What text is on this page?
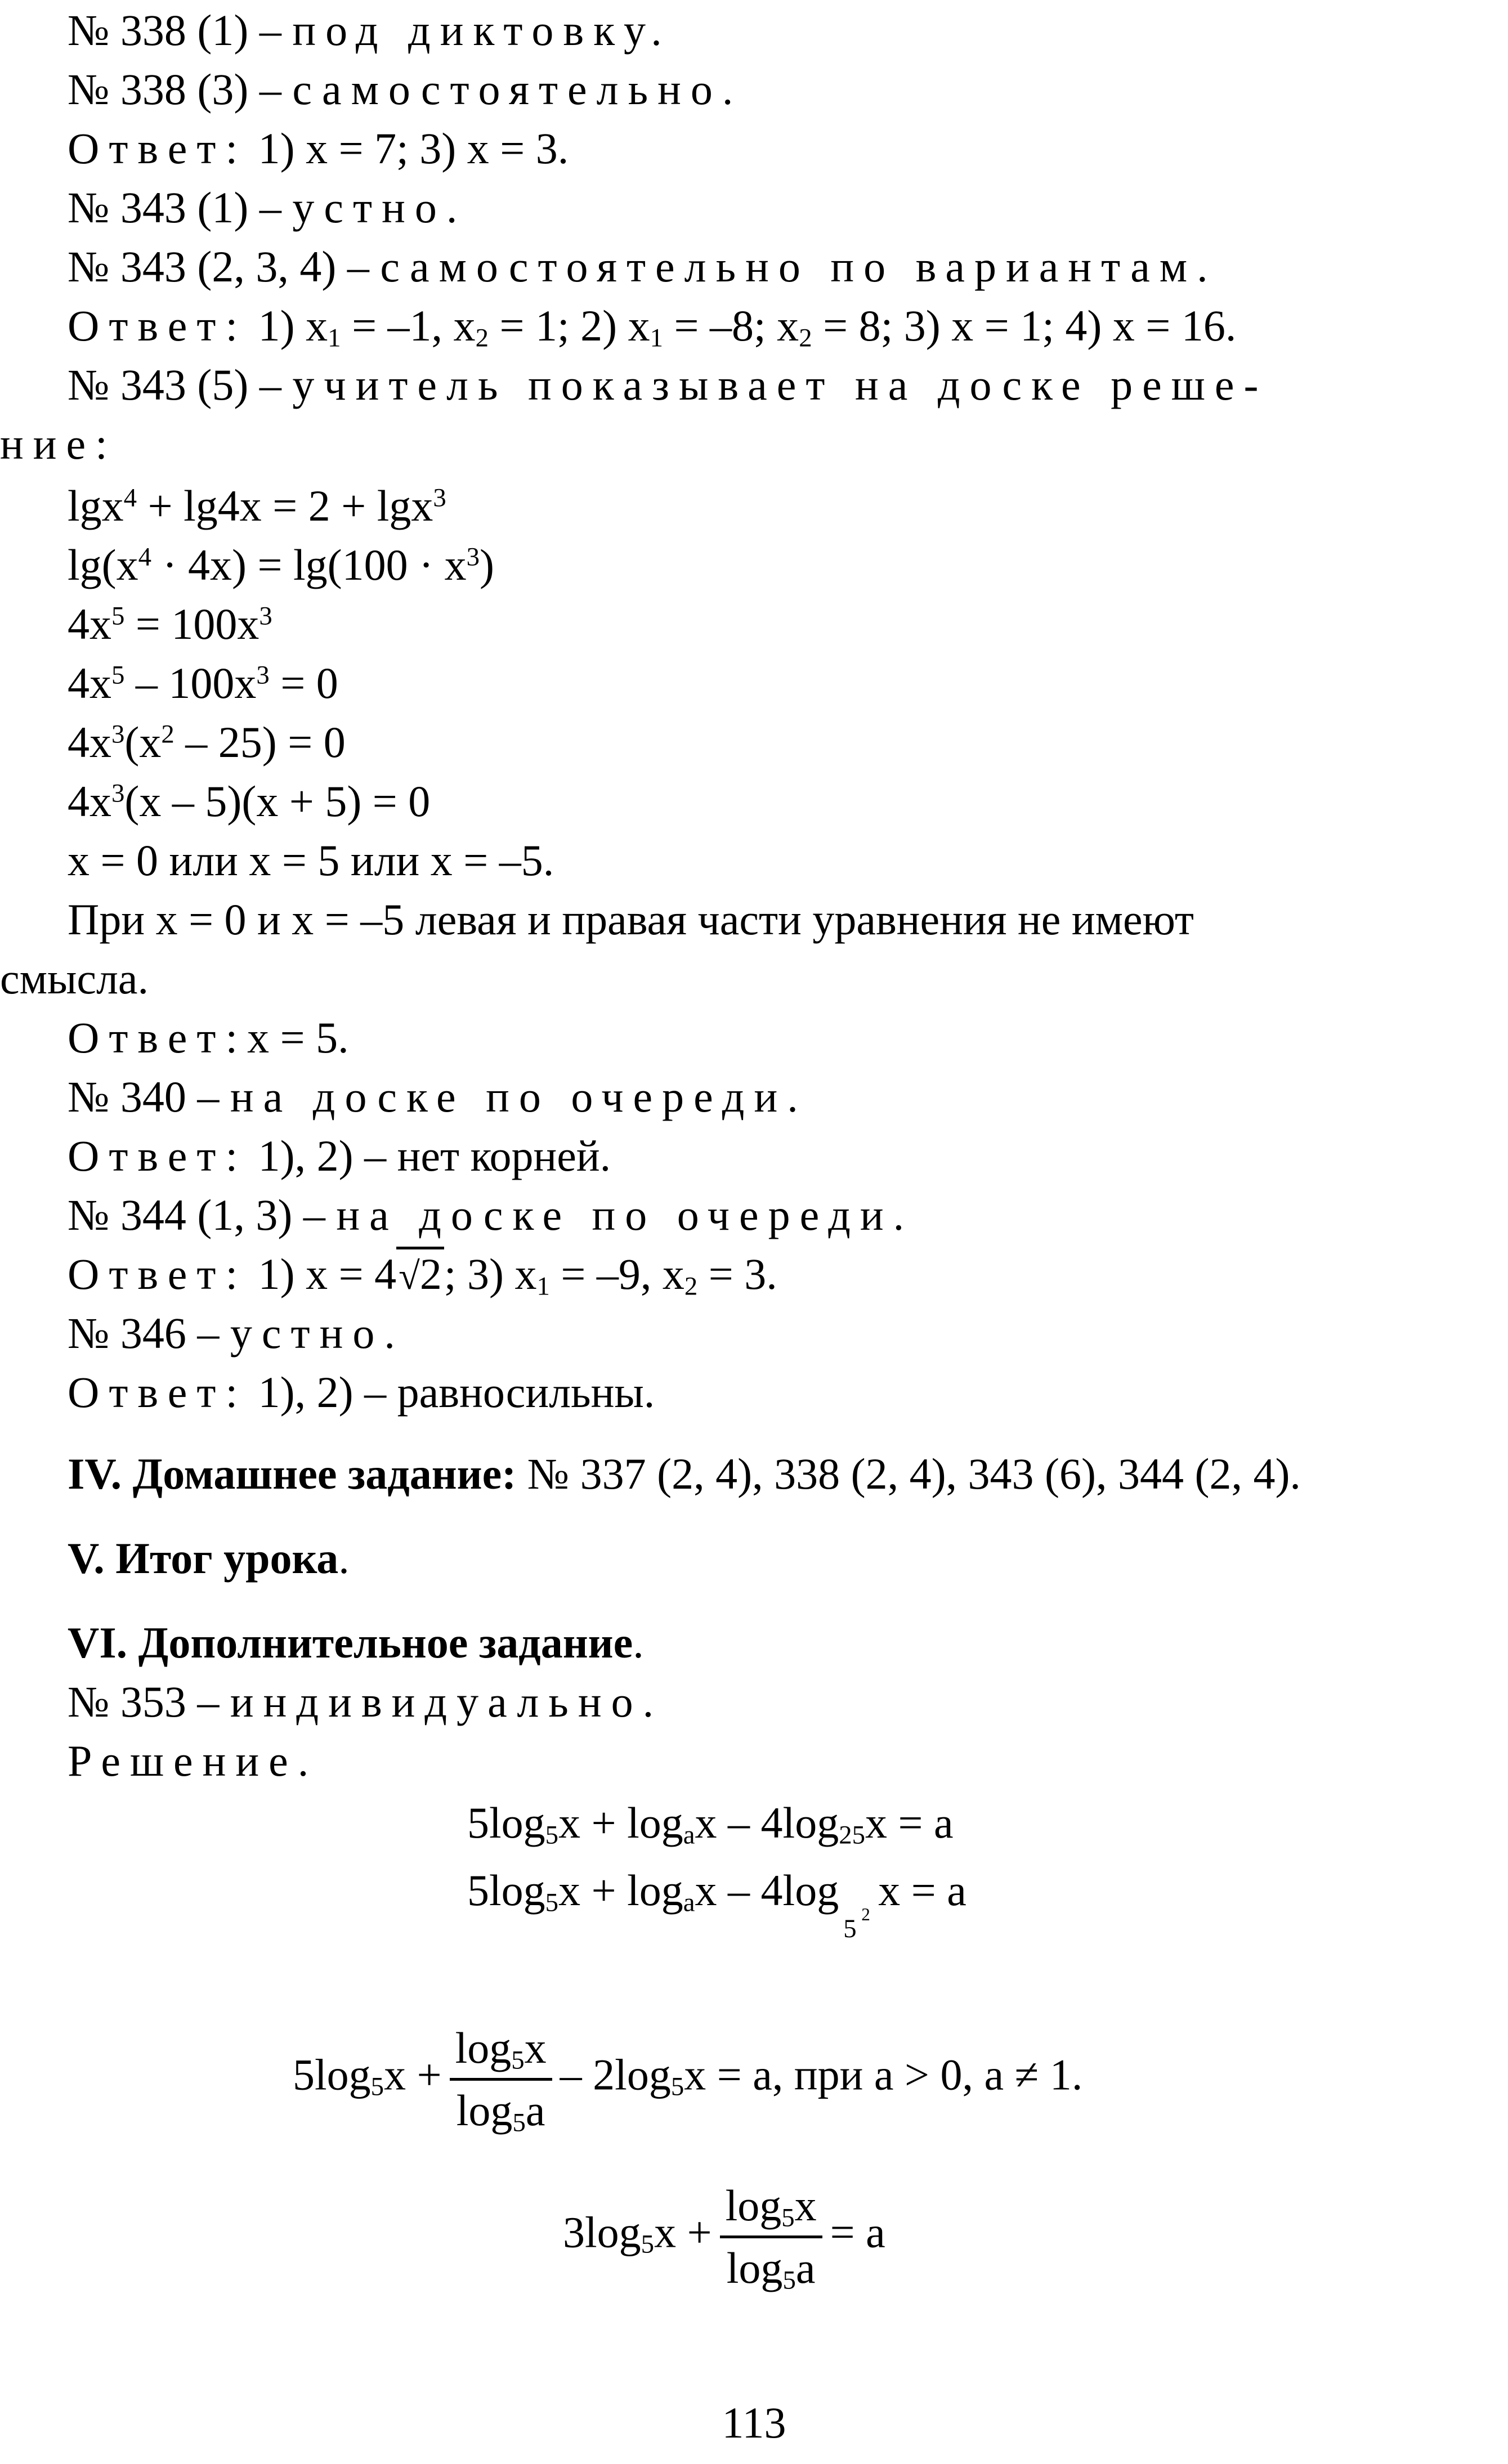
№ 338 (1) – под диктовку.
№ 338 (3) – самостоятельно.
Ответ: 1) x = 7; 3) x = 3.
№ 343 (1) – устно.
№ 343 (2, 3, 4) – самостоятельно по вариантам.
Ответ: 1) $x_1 = -1$, $x_2 = 1$; 2) $x_1 = -8$; $x_2 = 8$; 3) x = 1; 4) x = 16.
№ 343 (5) – учитель показывает на доске реше-
ние:
lgx$^4$ + lg4x = 2 + lgx$^3$
$\lg(x^4 \cdot 4x) = \lg(100 \cdot x^3)$
$4x^5 = 100x^3$
$4x^5 - 100x^3 = 0$
$4x^3(x^2 - 25) = 0$
$4x^3(x - 5)(x + 5) = 0$
x = 0 или x = 5 или x = –5.
При x = 0 и x = –5 левая и правая части уравнения не имеют
смысла.
Ответ:x = 5.
№ 340 – на доске по очереди.
Ответ: 1), 2) – нет корней.
№ 344 (1, 3) – на доске по очереди.
Ответ: 1) x = 4√2; 3) $x_1 = -9$, $x_2 = 3$.
№ 346 – устно.
Ответ: 1), 2) – равносильны.
IV. Домашнее задание: № 337 (2, 4), 338 (2, 4), 343 (6), 344 (2, 4).
V. Итог урока.
VI. Дополнительное задание.
№ 353 – индивидуально.
Решение.
$5\log_5x + \log_ax - 4\log_{25}x = a$
$5\log_5x + \log_ax - 4\log$
5 2 x = a
$5\log_5x + \frac{\log_5x}{\log_5a} - 2\log_5x = a$, при a > 0, a ≠ 1.
$3\log_5x + \frac{\log_5x}{\log_5a} = a$
113
